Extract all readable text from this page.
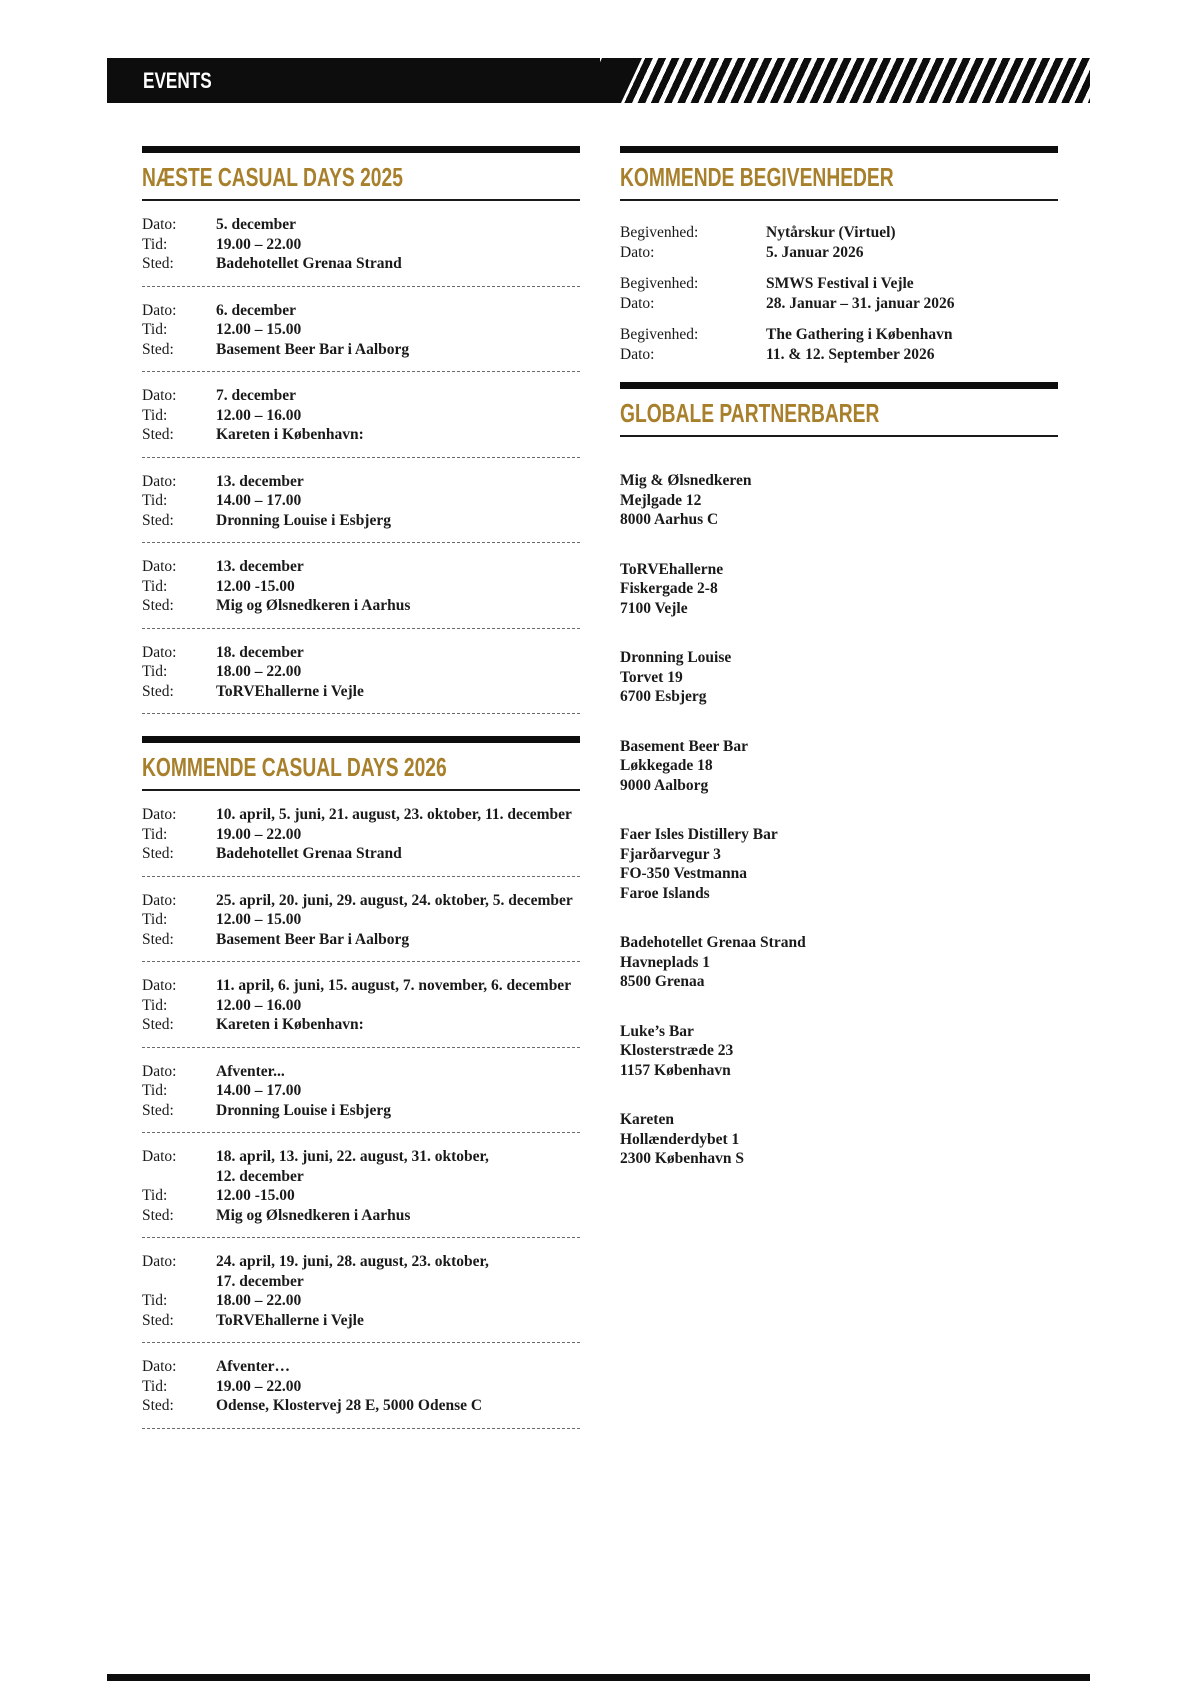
EVENTS
NÆSTE CASUAL DAYS 2025
Dato:	5. december
Tid:	19.00 – 22.00
Sted:	Badehotellet Grenaa Strand
Dato:	6. december
Tid:	12.00 – 15.00
Sted:	Basement Beer Bar i Aalborg
Dato:	7. december
Tid:	12.00 – 16.00
Sted:	Kareten i København:
Dato:	13. december
Tid:	14.00 – 17.00
Sted:	Dronning Louise i Esbjerg
Dato:	13. december
Tid:	12.00 -15.00
Sted:	Mig og Ølsnedkeren i Aarhus
Dato:	18. december
Tid:	18.00 – 22.00
Sted:	ToRVEhallerne i Vejle
KOMMENDE CASUAL DAYS 2026
Dato:	10. april, 5. juni, 21. august, 23. oktober, 11. december
Tid:	19.00 – 22.00
Sted:	Badehotellet Grenaa Strand
Dato:	25. april, 20. juni, 29. august, 24. oktober, 5. december
Tid:	12.00 – 15.00
Sted:	Basement Beer Bar i Aalborg
Dato:	11. april, 6. juni, 15. august, 7. november, 6. december
Tid:	12.00 – 16.00
Sted:	Kareten i København:
Dato:	Afventer...
Tid:	14.00 – 17.00
Sted:	Dronning Louise i Esbjerg
Dato:	18. april, 13. juni, 22. august, 31. oktober,
12. december
Tid:	12.00 -15.00
Sted:	Mig og Ølsnedkeren i Aarhus
Dato:	24. april, 19. juni, 28. august, 23. oktober,
17. december
Tid:	18.00 – 22.00
Sted:	ToRVEhallerne i Vejle
Dato:	Afventer…
Tid:	19.00 – 22.00
Sted:	Odense, Klostervej 28 E, 5000 Odense C
KOMMENDE BEGIVENHEDER
Begivenhed:	Nytårskur (Virtuel)
Dato:	5. Januar 2026
Begivenhed:	SMWS Festival i Vejle
Dato:	28. Januar – 31. januar 2026
Begivenhed:	The Gathering i København
Dato:	11. & 12. September 2026
GLOBALE PARTNERBARER
Mig & Ølsnedkeren
Mejlgade 12
8000 Aarhus C
ToRVEhallerne
Fiskergade 2-8
7100 Vejle
Dronning Louise
Torvet 19
6700 Esbjerg
Basement Beer Bar
Løkkegade 18
9000 Aalborg
Faer Isles Distillery Bar
Fjarðarvegur 3
FO-350 Vestmanna
Faroe Islands
Badehotellet Grenaa Strand
Havneplads 1
8500 Grenaa
Luke’s Bar
Klosterstræde 23
1157 København
Kareten
Hollænderdybet 1
2300 København S
